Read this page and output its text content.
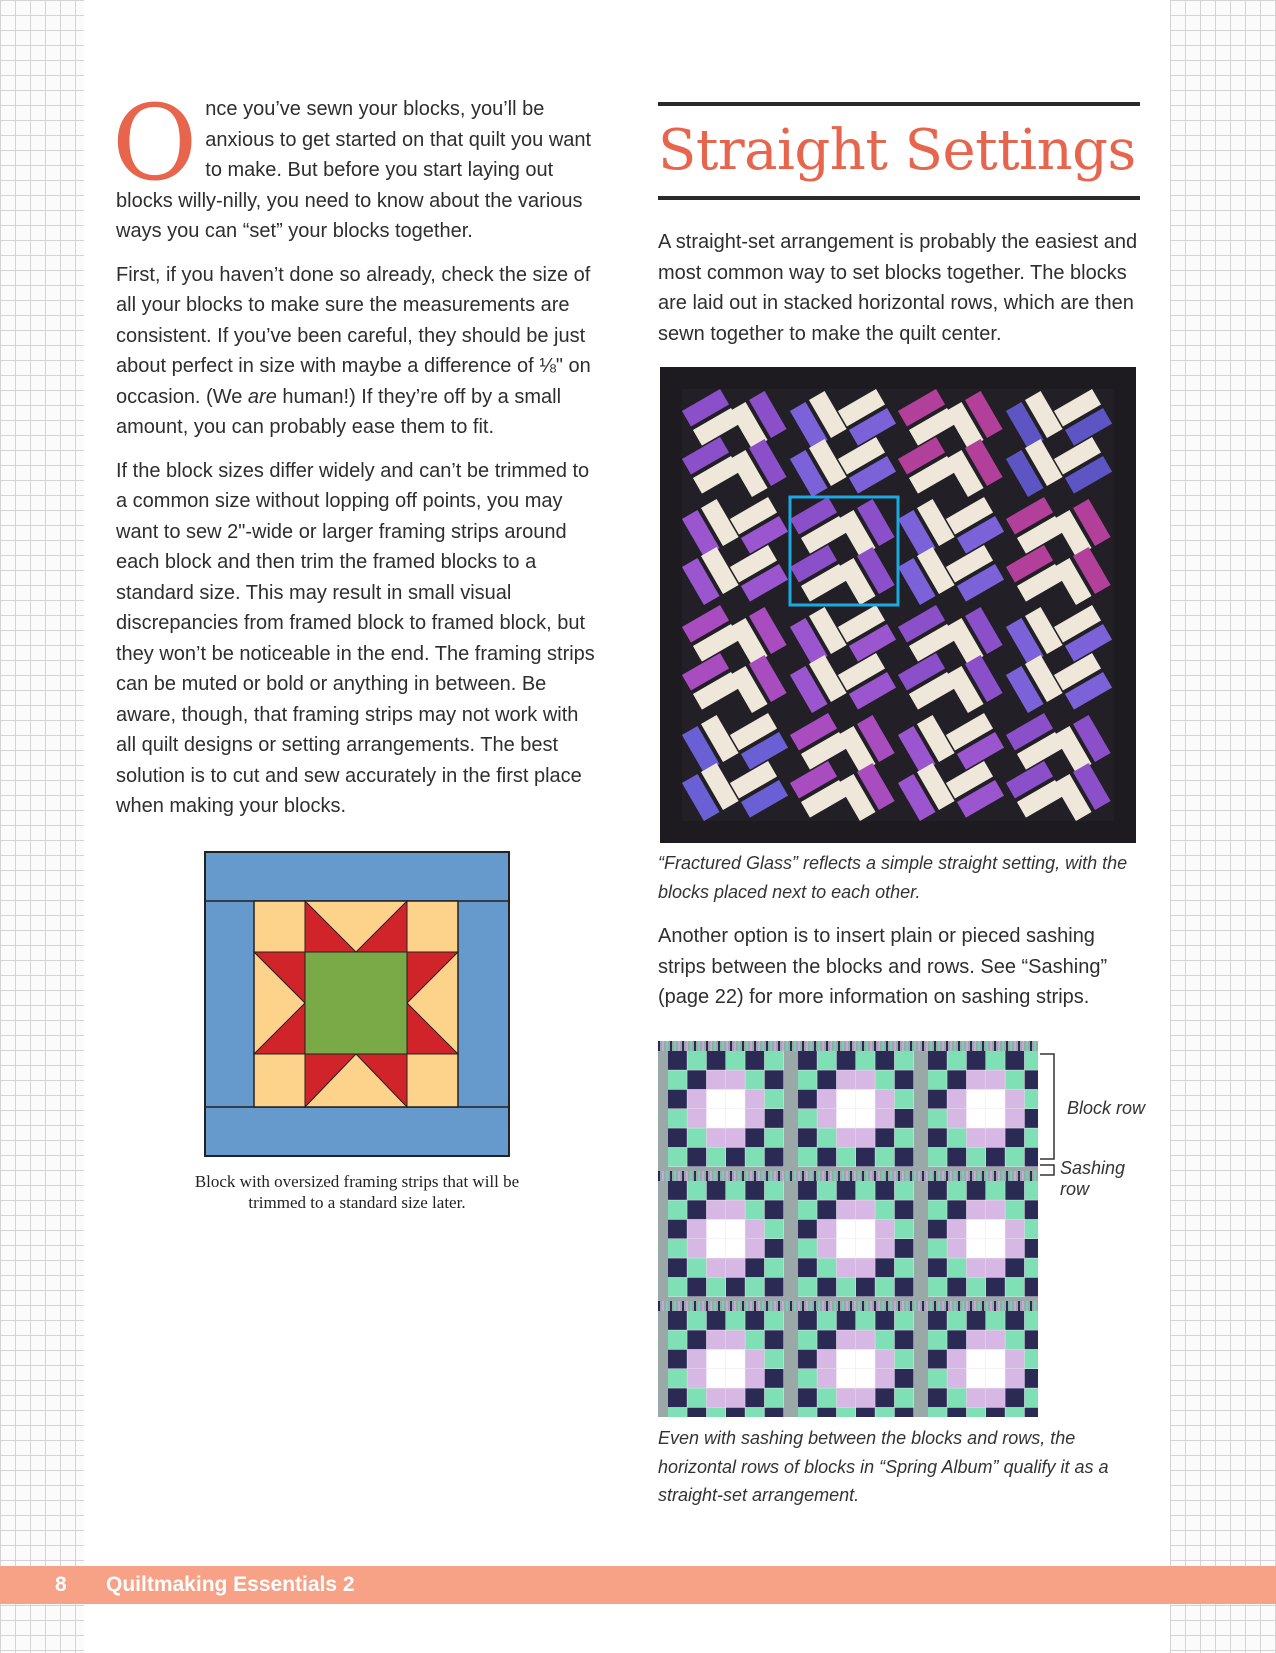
Once you’ve sewn your blocks, you’ll be anxious to get started on that quilt you want to make. But before you start laying out blocks willy-nilly, you need to know about the various ways you can “set” your blocks together.

First, if you haven’t done so already, check the size of all your blocks to make sure the measurements are consistent. If you’ve been careful, they should be just about perfect in size with maybe a difference of ⅛" on occasion. (We are human!) If they’re off by a small amount, you can probably ease them to fit.

If the block sizes differ widely and can’t be trimmed to a common size without lopping off points, you may want to sew 2"-wide or larger framing strips around each block and then trim the framed blocks to a standard size. This may result in small visual discrepancies from framed block to framed block, but they won’t be noticeable in the end. The framing strips can be muted or bold or anything in between. Be aware, though, that framing strips may not work with all quilt designs or setting arrangements. The best solution is to cut and sew accurately in the first place when making your blocks.

Block with oversized framing strips that will be trimmed to a standard size later.

Straight Settings

A straight-set arrangement is probably the easiest and most common way to set blocks together. The blocks are laid out in stacked horizontal rows, which are then sewn together to make the quilt center.

“Fractured Glass” reflects a simple straight setting, with the blocks placed next to each other.

Another option is to insert plain or pieced sashing strips between the blocks and rows. See “Sashing” (page 22) for more information on sashing strips.

Block row
Sashing row

Even with sashing between the blocks and rows, the horizontal rows of blocks in “Spring Album” qualify it as a straight-set arrangement.

8 Quiltmaking Essentials 2
